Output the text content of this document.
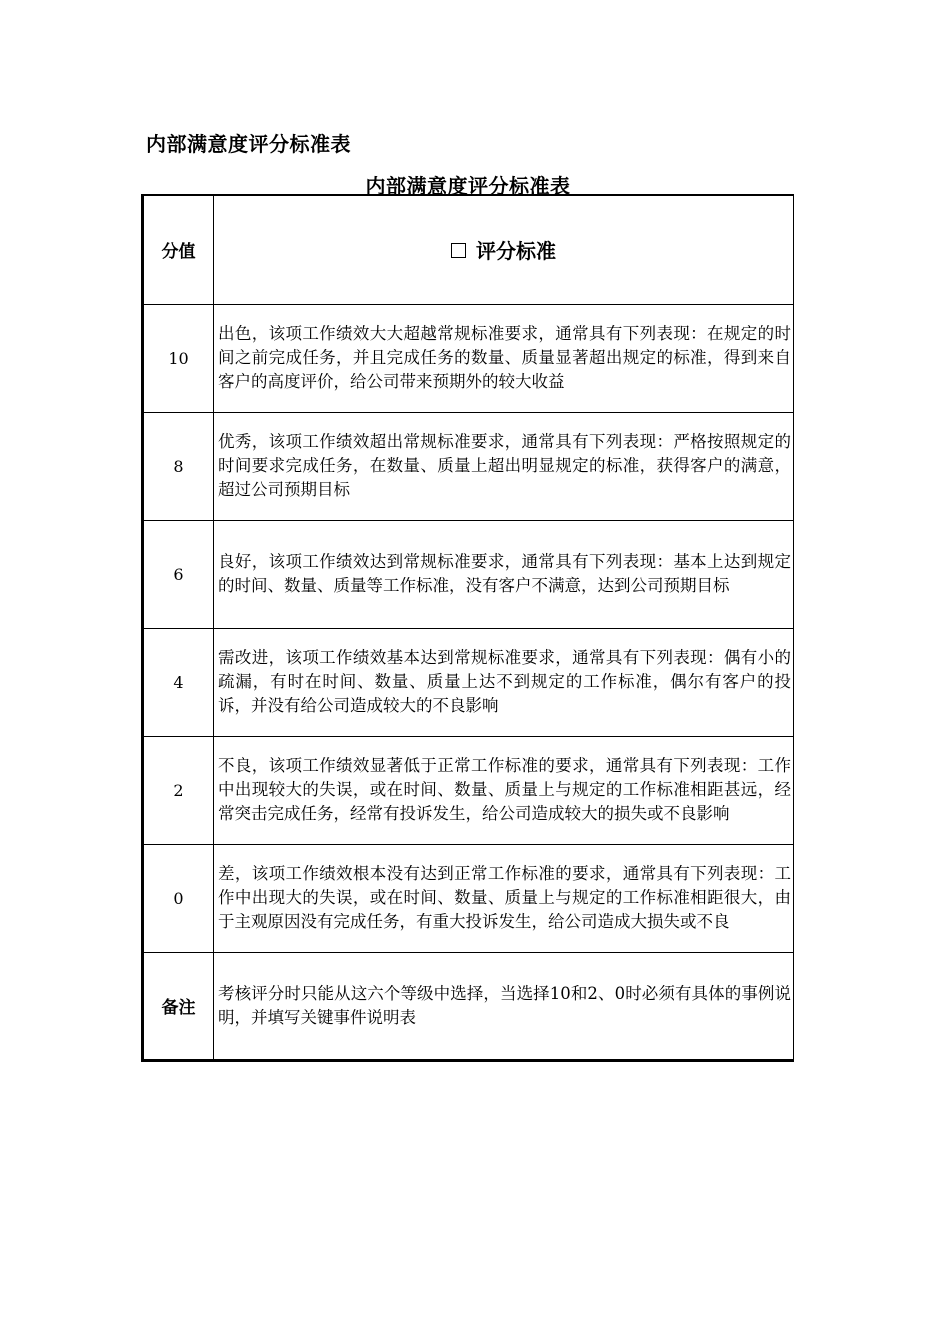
内部满意度评分标准表
内部满意度评分标准表
分值	评分标准
10	出色，该项工作绩效大大超越常规标准要求，通常具有下列表现：在规定的时间之前完成任务，并且完成任务的数量、质量显著超出规定的标准，得到来自客户的高度评价，给公司带来预期外的较大收益
8	优秀，该项工作绩效超出常规标准要求，通常具有下列表现：严格按照规定的时间要求完成任务，在数量、质量上超出明显规定的标准，获得客户的满意，超过公司预期目标
6	良好，该项工作绩效达到常规标准要求，通常具有下列表现：基本上达到规定的时间、数量、质量等工作标准，没有客户不满意，达到公司预期目标
4	需改进，该项工作绩效基本达到常规标准要求，通常具有下列表现：偶有小的疏漏，有时在时间、数量、质量上达不到规定的工作标准，偶尔有客户的投诉，并没有给公司造成较大的不良影响
2	不良，该项工作绩效显著低于正常工作标准的要求，通常具有下列表现：工作中出现较大的失误，或在时间、数量、质量上与规定的工作标准相距甚远，经常突击完成任务，经常有投诉发生，给公司造成较大的损失或不良影响
0	差，该项工作绩效根本没有达到正常工作标准的要求，通常具有下列表现：工作中出现大的失误，或在时间、数量、质量上与规定的工作标准相距很大，由于主观原因没有完成任务，有重大投诉发生，给公司造成大损失或不良
备注	考核评分时只能从这六个等级中选择，当选择10和2、0时必须有具体的事例说明，并填写关键事件说明表
